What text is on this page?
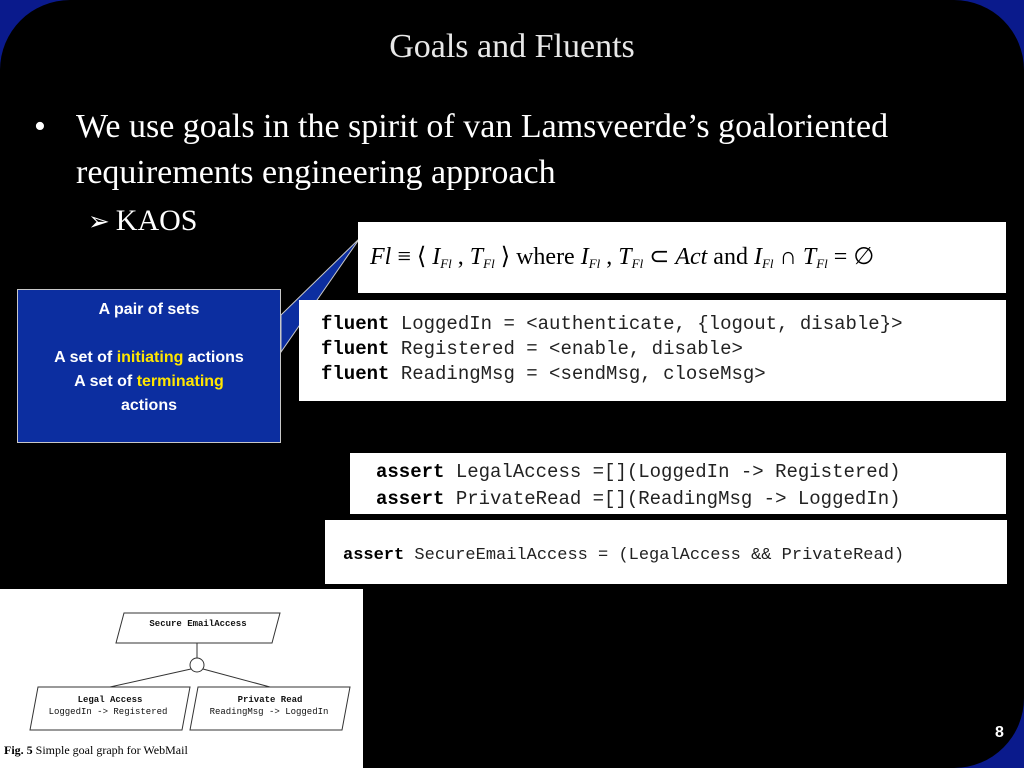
Goals and Fluents
• We use goals in the spirit of van Lamsveerde’s goaloriented requirements engineering approach
➢ KAOS
A pair of sets
A set of initiating actions
A set of terminating
actions
Fl ≡ ⟨ $I_{Fl}$ , $T_{Fl}$ ⟩ where $I_{Fl}$ , $T_{Fl}$ ⊂ Act and $I_{Fl}$ ∩ $T_{Fl}$ = ∅
fluent LoggedIn = <authenticate, {logout, disable}>
fluent Registered = <enable, disable>
fluent ReadingMsg = <sendMsg, closeMsg>
assert LegalAccess =[](LoggedIn -> Registered)
assert PrivateRead =[](ReadingMsg -> LoggedIn)
assert SecureEmailAccess = (LegalAccess && PrivateRead)
Secure EmailAccess
Legal Access
LoggedIn -> Registered
Private Read
ReadingMsg -> LoggedIn
Fig. 5 Simple goal graph for WebMail
8
